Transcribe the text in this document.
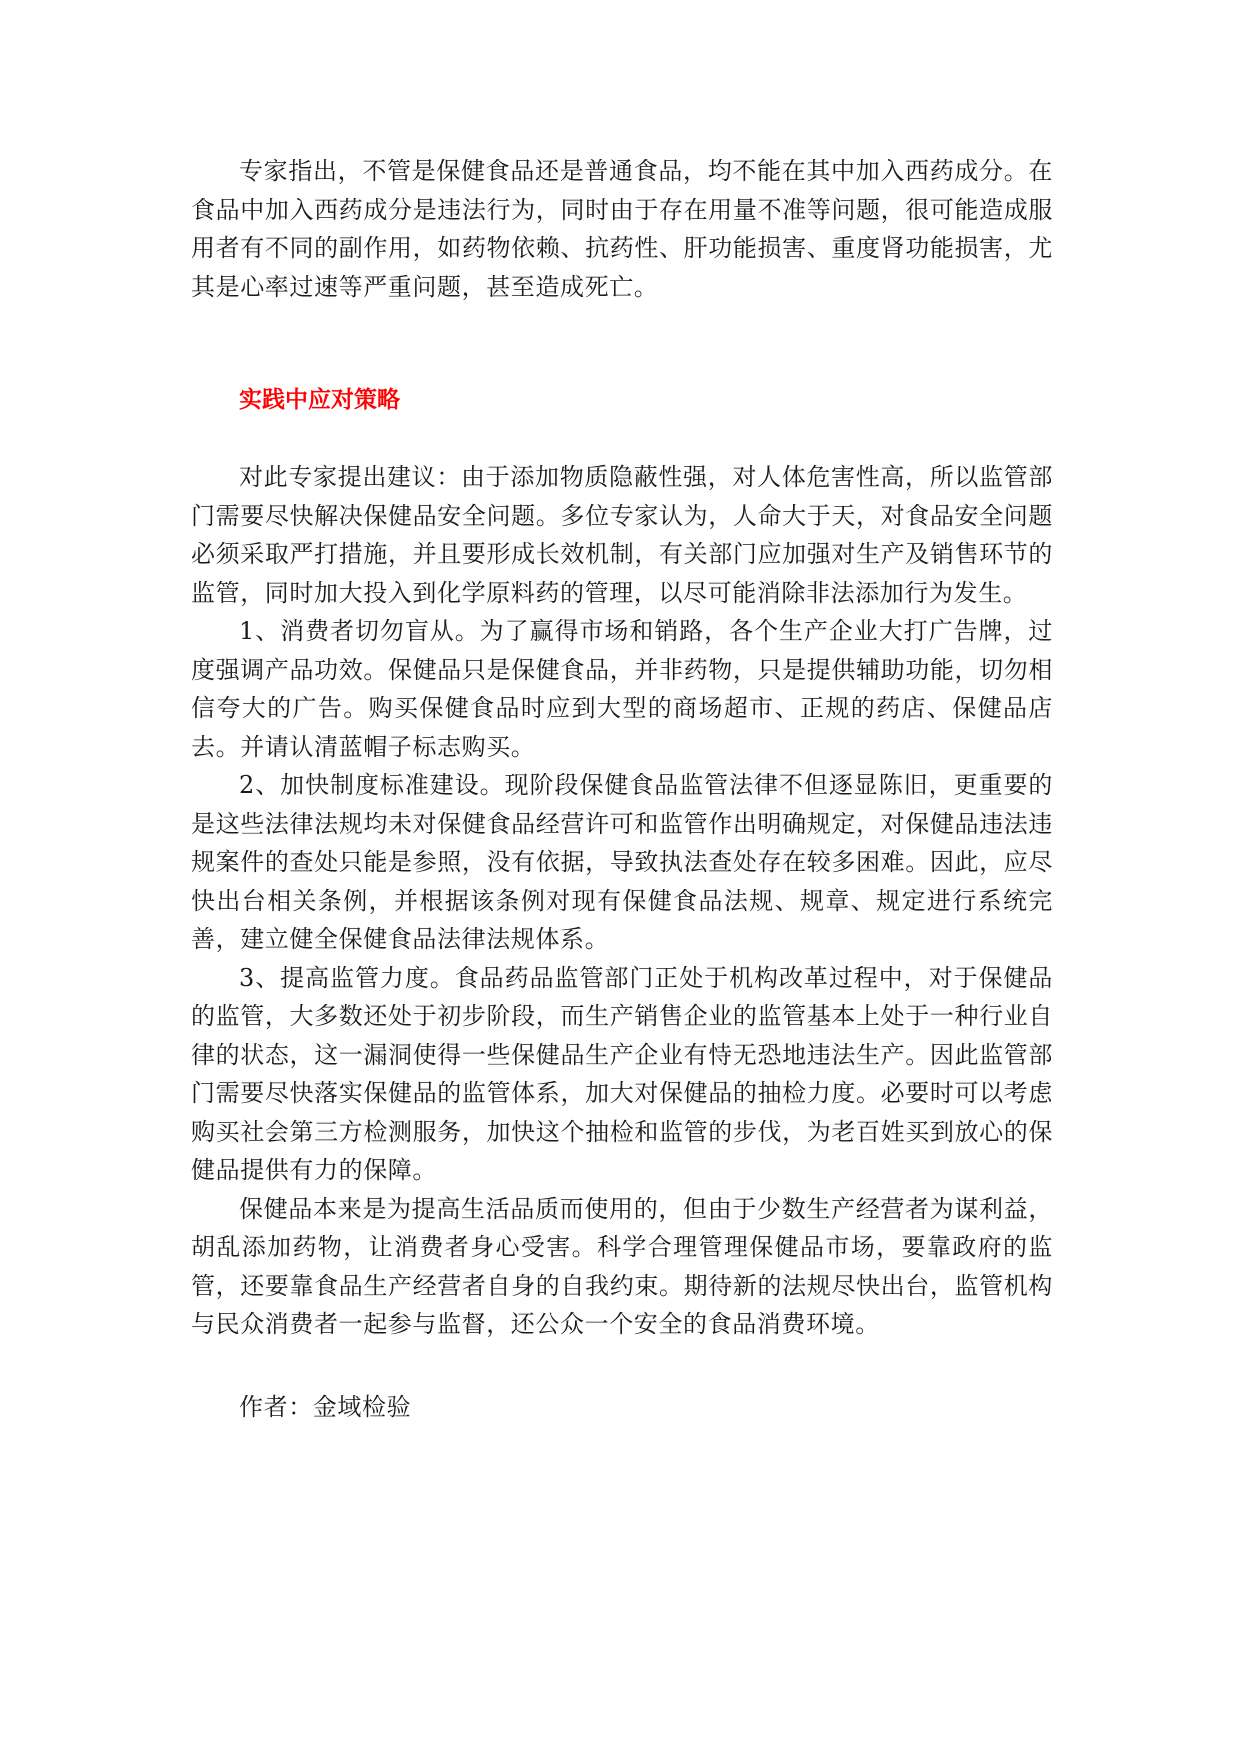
专家指出，不管是保健食品还是普通食品，均不能在其中加入西药成分。在食品中加入西药成分是违法行为，同时由于存在用量不准等问题，很可能造成服用者有不同的副作用，如药物依赖、抗药性、肝功能损害、重度肾功能损害，尤其是心率过速等严重问题，甚至造成死亡。

实践中应对策略

对此专家提出建议：由于添加物质隐蔽性强，对人体危害性高，所以监管部门需要尽快解决保健品安全问题。多位专家认为，人命大于天，对食品安全问题必须采取严打措施，并且要形成长效机制，有关部门应加强对生产及销售环节的监管，同时加大投入到化学原料药的管理，以尽可能消除非法添加行为发生。

1、消费者切勿盲从。为了赢得市场和销路，各个生产企业大打广告牌，过度强调产品功效。保健品只是保健食品，并非药物，只是提供辅助功能，切勿相信夸大的广告。购买保健食品时应到大型的商场超市、正规的药店、保健品店去。并请认清蓝帽子标志购买。

2、加快制度标准建设。现阶段保健食品监管法律不但逐显陈旧，更重要的是这些法律法规均未对保健食品经营许可和监管作出明确规定，对保健品违法违规案件的查处只能是参照，没有依据，导致执法查处存在较多困难。因此，应尽快出台相关条例，并根据该条例对现有保健食品法规、规章、规定进行系统完善，建立健全保健食品法律法规体系。

3、提高监管力度。食品药品监管部门正处于机构改革过程中，对于保健品的监管，大多数还处于初步阶段，而生产销售企业的监管基本上处于一种行业自律的状态，这一漏洞使得一些保健品生产企业有恃无恐地违法生产。因此监管部门需要尽快落实保健品的监管体系，加大对保健品的抽检力度。必要时可以考虑购买社会第三方检测服务，加快这个抽检和监管的步伐，为老百姓买到放心的保健品提供有力的保障。

保健品本来是为提高生活品质而使用的，但由于少数生产经营者为谋利益，胡乱添加药物，让消费者身心受害。科学合理管理保健品市场，要靠政府的监管，还要靠食品生产经营者自身的自我约束。期待新的法规尽快出台，监管机构与民众消费者一起参与监督，还公众一个安全的食品消费环境。

作者：金域检验
